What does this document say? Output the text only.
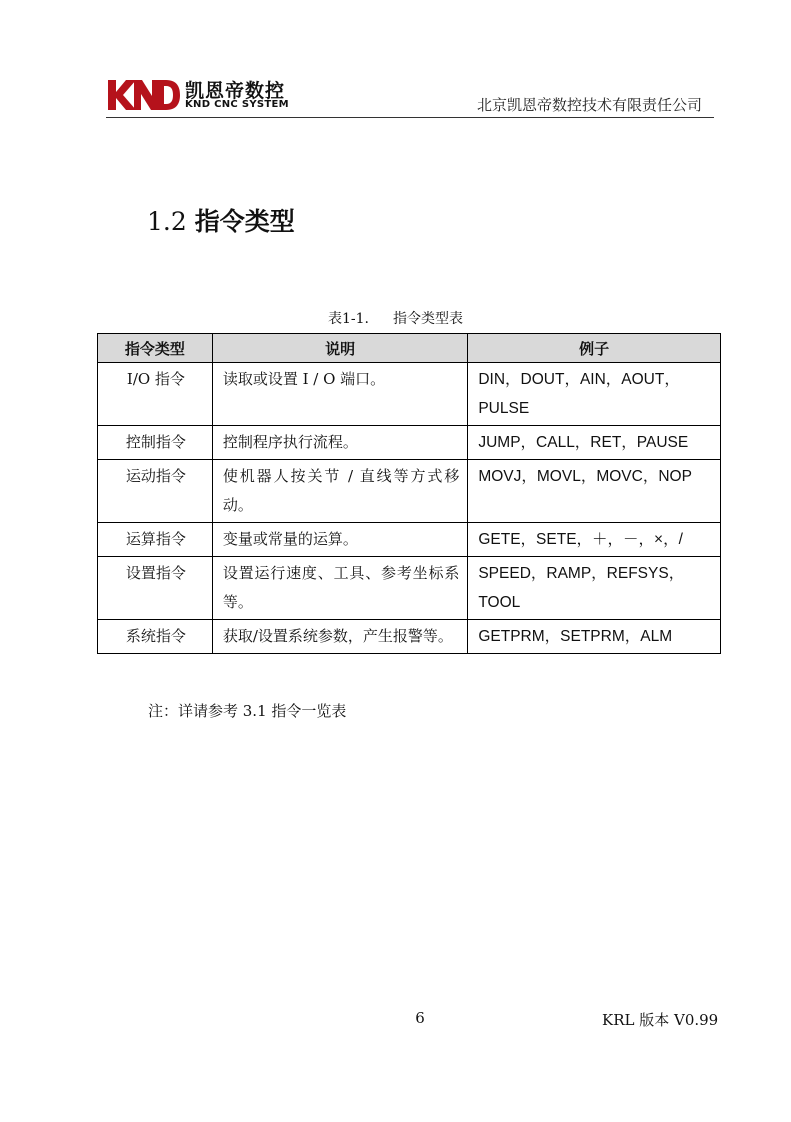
凯恩帝数控
KND CNC SYSTEM	北京凯恩帝数控技术有限责任公司
1.2 指令类型
表1-1. 指令类型表
指令类型	说明	例子
I/O 指令	读取或设置 I / O 端口。	DIN，DOUT，AIN，AOUT，PULSE
控制指令	控制程序执行流程。	JUMP，CALL，RET，PAUSE
运动指令	使机器人按关节 / 直线等方式移动。	MOVJ，MOVL，MOVC，NOP
运算指令	变量或常量的运算。	GETE，SETE，＋，－，×，/
设置指令	设置运行速度、工具、参考坐标系等。	SPEED，RAMP，REFSYS，TOOL
系统指令	获取/设置系统参数，产生报警等。	GETPRM，SETPRM，ALM
注：详请参考 3.1 指令一览表
6	KRL 版本 V0.99
